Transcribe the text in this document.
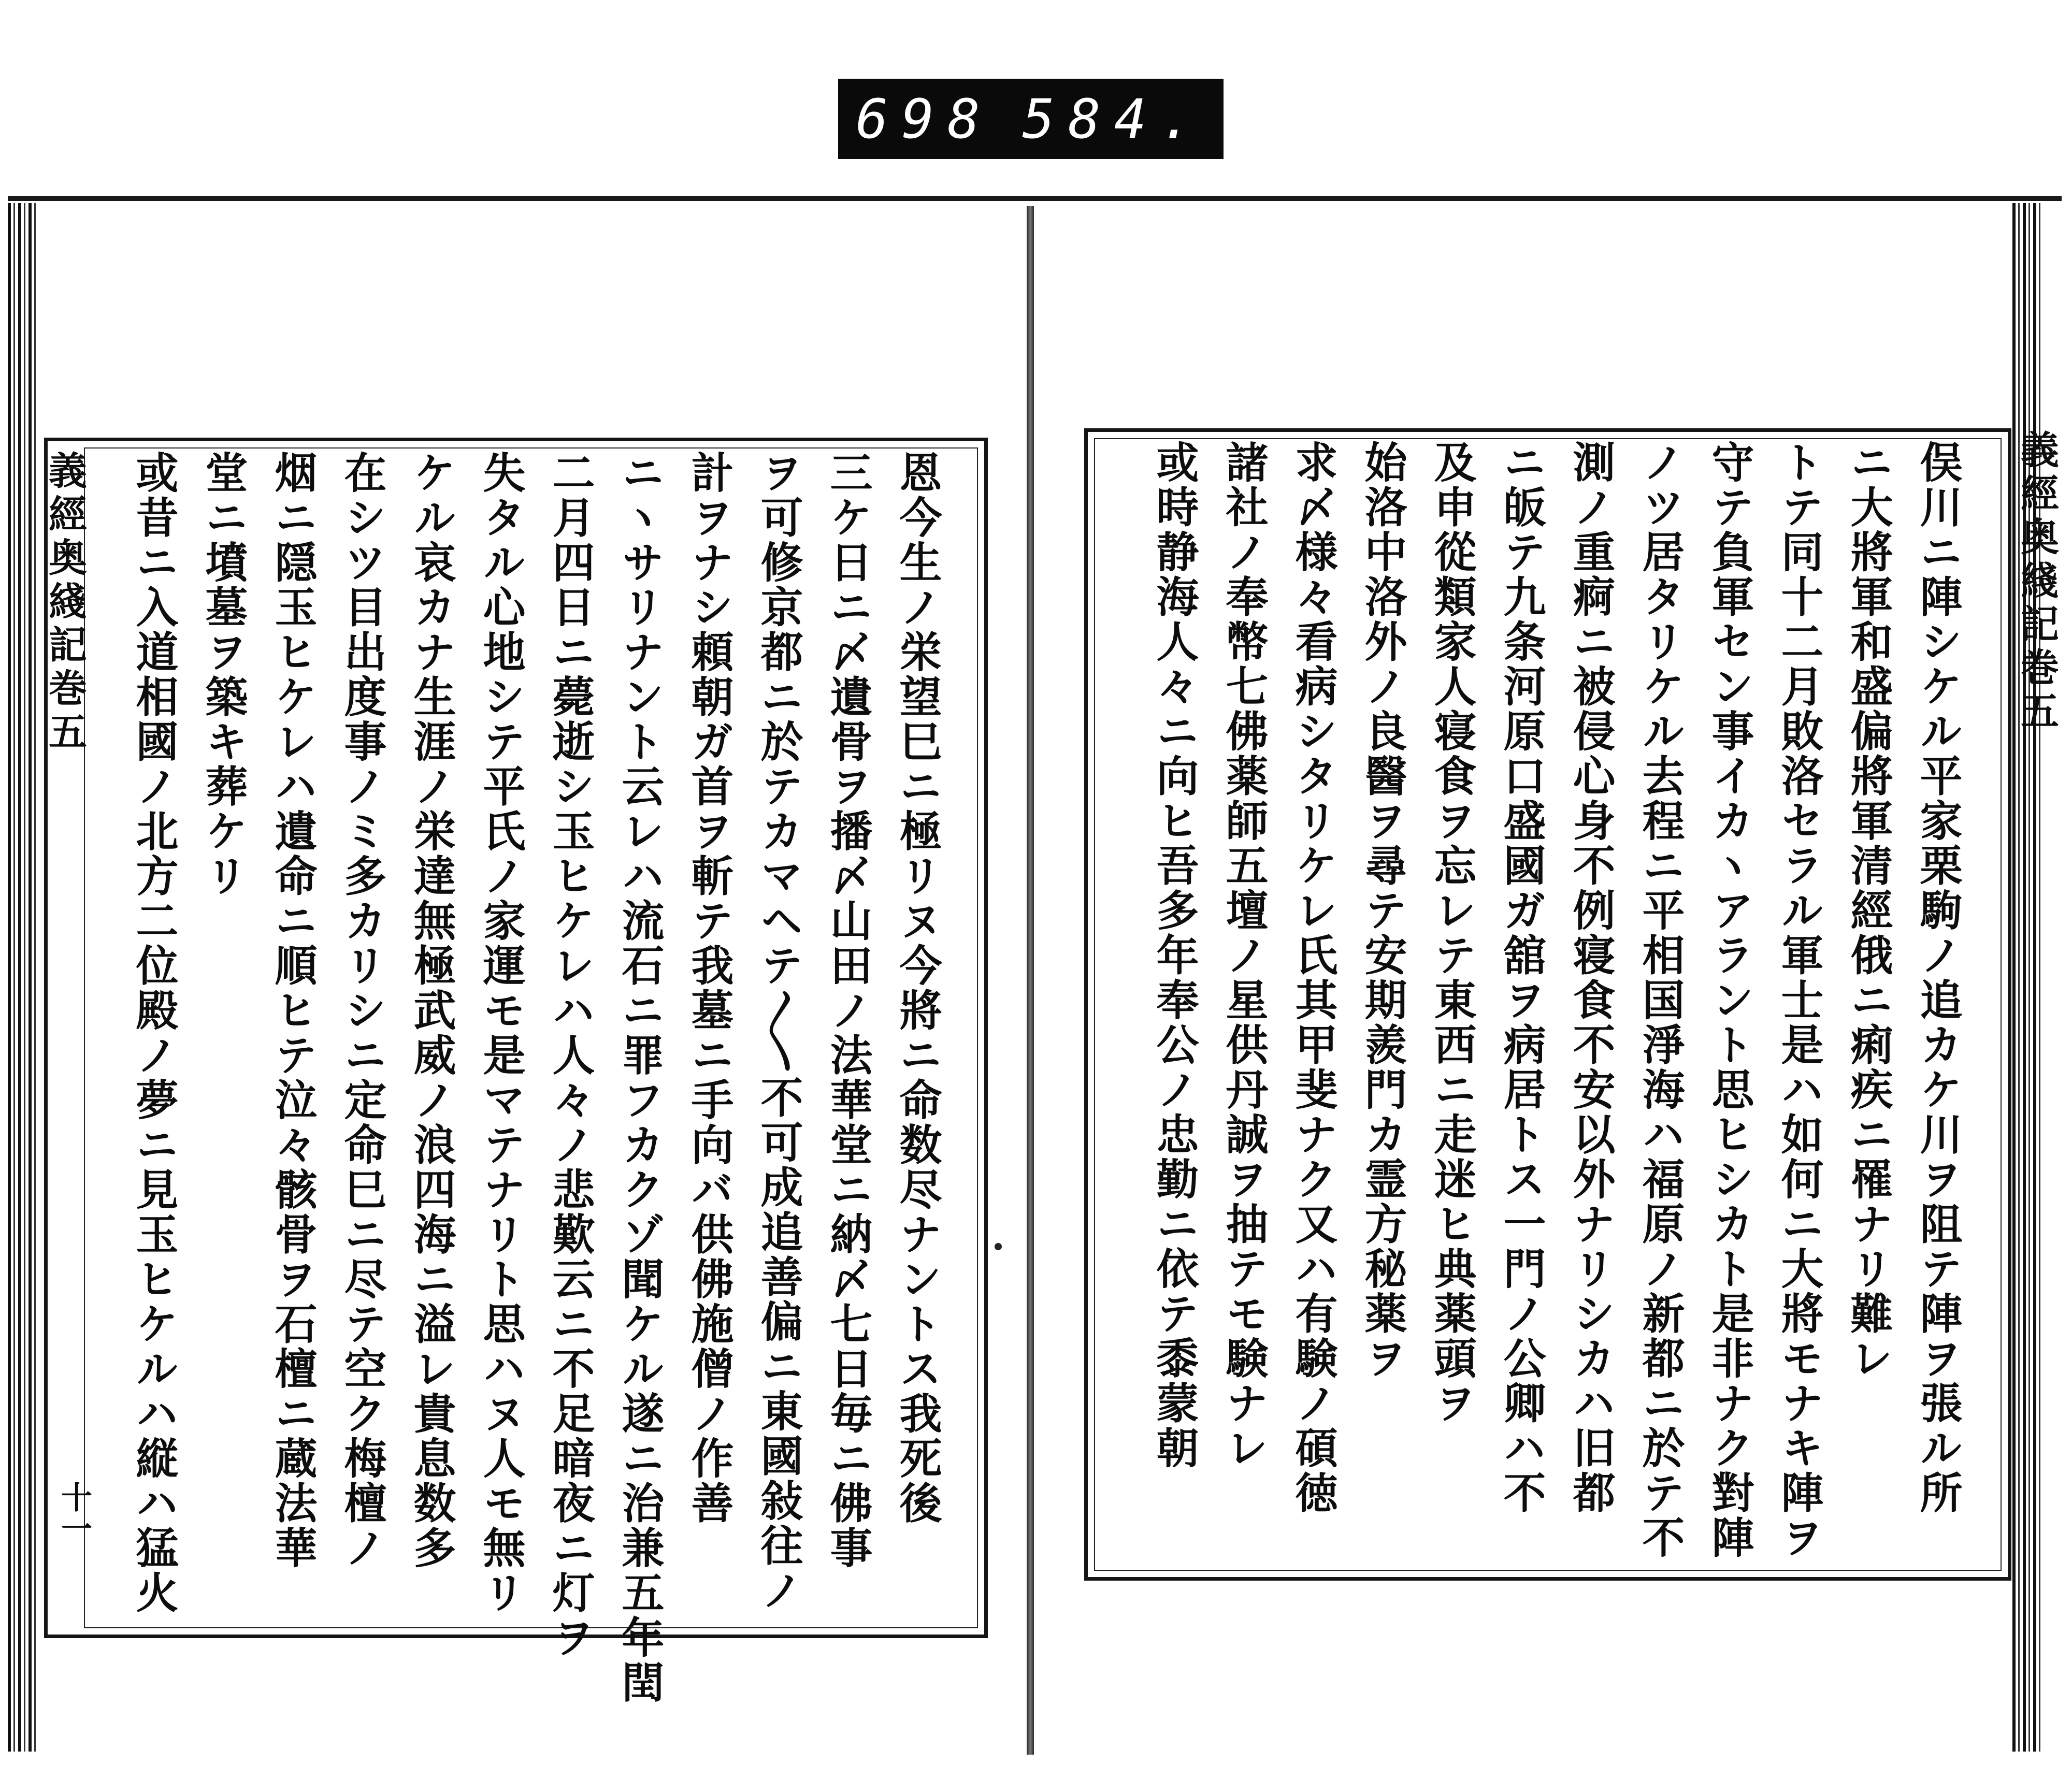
698 584.
義經奥綫記巻五
十一	恩今生ノ栄望巳ニ極リヌ今將ニ命数尽ナントス我死後
三ケ日ニ〆遺骨ヲ播〆山田ノ法華堂ニ納〆七日毎ニ佛事
ヲ可修京都ニ於テカマヘテ〳〵不可成追善偏ニ東國敍往ノ
計ヲナシ頼朝ガ首ヲ斬テ我墓ニ手向バ供佛施僧ノ作善
ニヽサリナント云レハ流石ニ罪フカクゾ聞ケル遂ニ治兼五年閏
二月四日ニ薨逝シ玉ヒケレハ人々ノ悲歎云ニ不足暗夜ニ灯ヲ
失タル心地シテ平氏ノ家運モ是マテナリト思ハヌ人モ無リ
ケル哀カナ生涯ノ栄達無極武威ノ浪四海ニ溢レ貴息数多
在シツ目出度事ノミ多カリシニ定命巳ニ尽テ空ク梅檀ノ
烟ニ隠玉ヒケレハ遺命ニ順ヒテ泣々骸骨ヲ石檀ニ蔵法華
堂ニ墳墓ヲ築キ葬ケリ
或昔ニ入道相國ノ北方二位殿ノ夢ニ見玉ヒケルハ縦ハ猛火	義經奥綫記巻五
俣川ニ陣シケル平家栗駒ノ追カケ川ヲ阻テ陣ヲ張ル所
ニ大將軍和盛偏將軍清經俄ニ痢疾ニ罹ナリ難レ
トテ同十二月敗洛セラル軍士是ハ如何ニ大將モナキ陣ヲ
守テ負軍セン事イカヽアラント思ヒシカト是非ナク對陣
ノツ居タリケル去程ニ平相国淨海ハ福原ノ新都ニ於テ不
測ノ重痾ニ被侵心身不例寝食不安以外ナリシカハ旧都
ニ皈テ九条河原口盛國ガ舘ヲ病居トス一門ノ公卿ハ不
及申從類家人寝食ヲ忘レテ東西ニ走迷ヒ典薬頭ヲ
始洛中洛外ノ良醫ヲ尋テ安期羨門カ霊方秘薬ヲ
求〆様々看病シタリケレ氏其甲斐ナク又ハ有験ノ碩徳
諸社ノ奉幣七佛薬師五壇ノ星供丹誠ヲ抽テモ験ナレ
或時静海人々ニ向ヒ吾多年奉公ノ忠勤ニ依テ黍蒙朝
